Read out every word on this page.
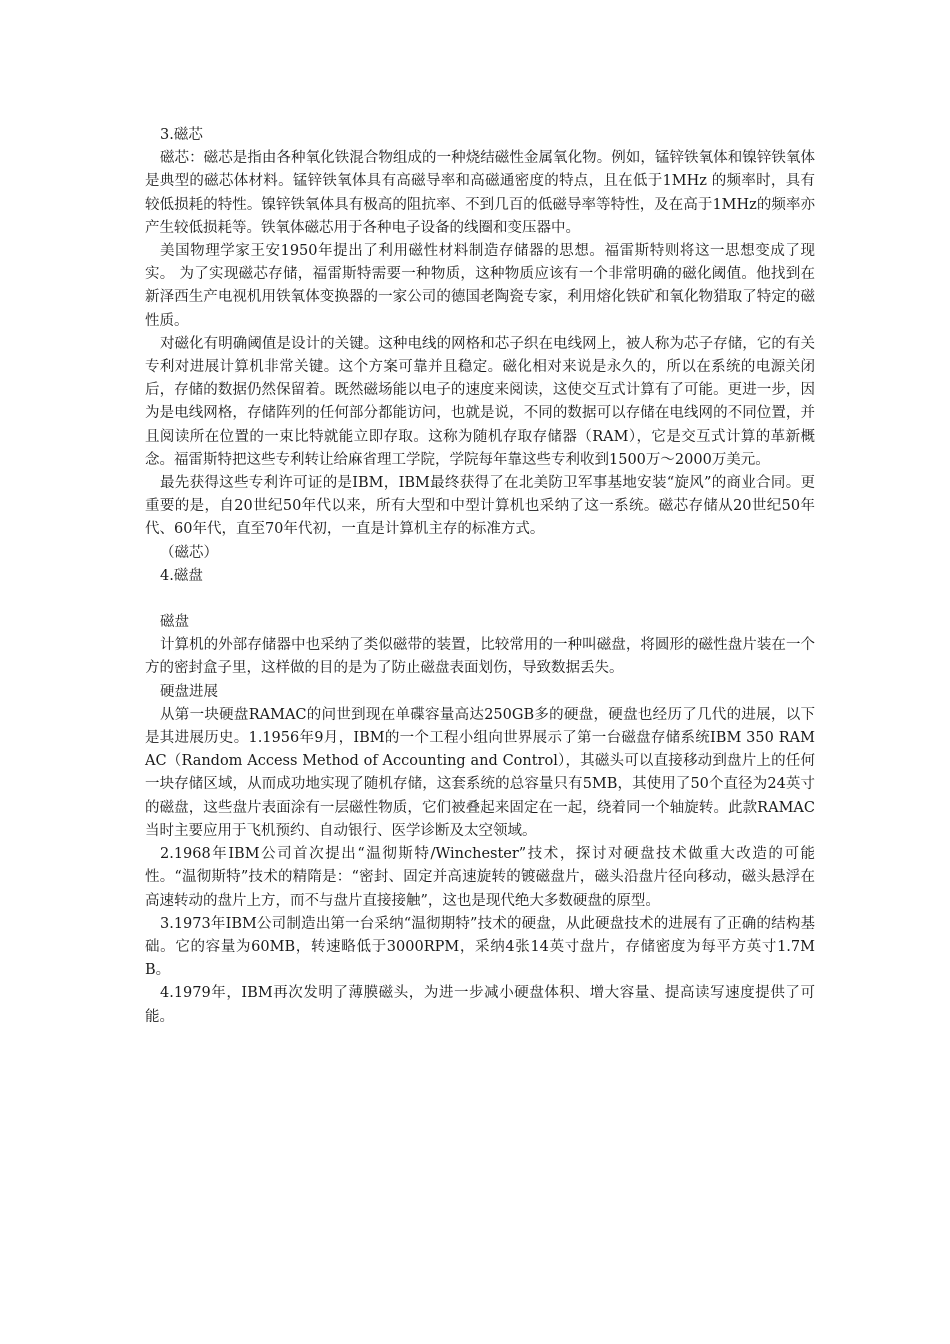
3.磁芯

磁芯：磁芯是指由各种氧化铁混合物组成的一种烧结磁性金属氧化物。例如，锰锌铁氧体和镍锌铁氧体是典型的磁芯体材料。锰锌铁氧体具有高磁导率和高磁通密度的特点，且在低于1MHz 的频率时，具有较低损耗的特性。镍锌铁氧体具有极高的阻抗率、不到几百的低磁导率等特性，及在高于1MHz的频率亦产生较低损耗等。铁氧体磁芯用于各种电子设备的线圈和变压器中。

美国物理学家王安1950年提出了利用磁性材料制造存储器的思想。福雷斯特则将这一思想变成了现实。 为了实现磁芯存储，福雷斯特需要一种物质，这种物质应该有一个非常明确的磁化阈值。他找到在新泽西生产电视机用铁氧体变换器的一家公司的德国老陶瓷专家，利用熔化铁矿和氧化物猎取了特定的磁性质。

对磁化有明确阈值是设计的关键。这种电线的网格和芯子织在电线网上，被人称为芯子存储，它的有关专利对进展计算机非常关键。这个方案可靠并且稳定。磁化相对来说是永久的，所以在系统的电源关闭后，存储的数据仍然保留着。既然磁场能以电子的速度来阅读，这使交互式计算有了可能。更进一步，因为是电线网格，存储阵列的任何部分都能访问，也就是说，不同的数据可以存储在电线网的不同位置，并且阅读所在位置的一束比特就能立即存取。这称为随机存取存储器（RAM），它是交互式计算的革新概念。福雷斯特把这些专利转让给麻省理工学院，学院每年靠这些专利收到1500万～2000万美元。

最先获得这些专利许可证的是IBM，IBM最终获得了在北美防卫军事基地安装“旋风”的商业合同。更重要的是，自20世纪50年代以来，所有大型和中型计算机也采纳了这一系统。磁芯存储从20世纪50年代、60年代，直至70年代初，一直是计算机主存的标准方式。

（磁芯）

4.磁盘

磁盘

计算机的外部存储器中也采纳了类似磁带的装置，比较常用的一种叫磁盘，将圆形的磁性盘片装在一个方的密封盒子里，这样做的目的是为了防止磁盘表面划伤，导致数据丢失。

硬盘进展

从第一块硬盘RAMAC的问世到现在单碟容量高达250GB多的硬盘，硬盘也经历了几代的进展，以下是其进展历史。1.1956年9月，IBM的一个工程小组向世界展示了第一台磁盘存储系统IBM 350 RAMAC（Random Access Method of Accounting and Control），其磁头可以直接移动到盘片上的任何一块存储区域，从而成功地实现了随机存储，这套系统的总容量只有5MB，其使用了50个直径为24英寸的磁盘，这些盘片表面涂有一层磁性物质，它们被叠起来固定在一起，绕着同一个轴旋转。此款RAMAC当时主要应用于飞机预约、自动银行、医学诊断及太空领域。

2.1968年IBM公司首次提出“温彻斯特/Winchester”技术，探讨对硬盘技术做重大改造的可能性。“温彻斯特”技术的精隋是：“密封、固定并高速旋转的镀磁盘片，磁头沿盘片径向移动，磁头悬浮在高速转动的盘片上方，而不与盘片直接接触”，这也是现代绝大多数硬盘的原型。

3.1973年IBM公司制造出第一台采纳“温彻期特”技术的硬盘，从此硬盘技术的进展有了正确的结构基础。它的容量为60MB，转速略低于3000RPM，采纳4张14英寸盘片，存储密度为每平方英寸1.7MB。

4.1979年，IBM再次发明了薄膜磁头，为进一步减小硬盘体积、增大容量、提高读写速度提供了可能。
